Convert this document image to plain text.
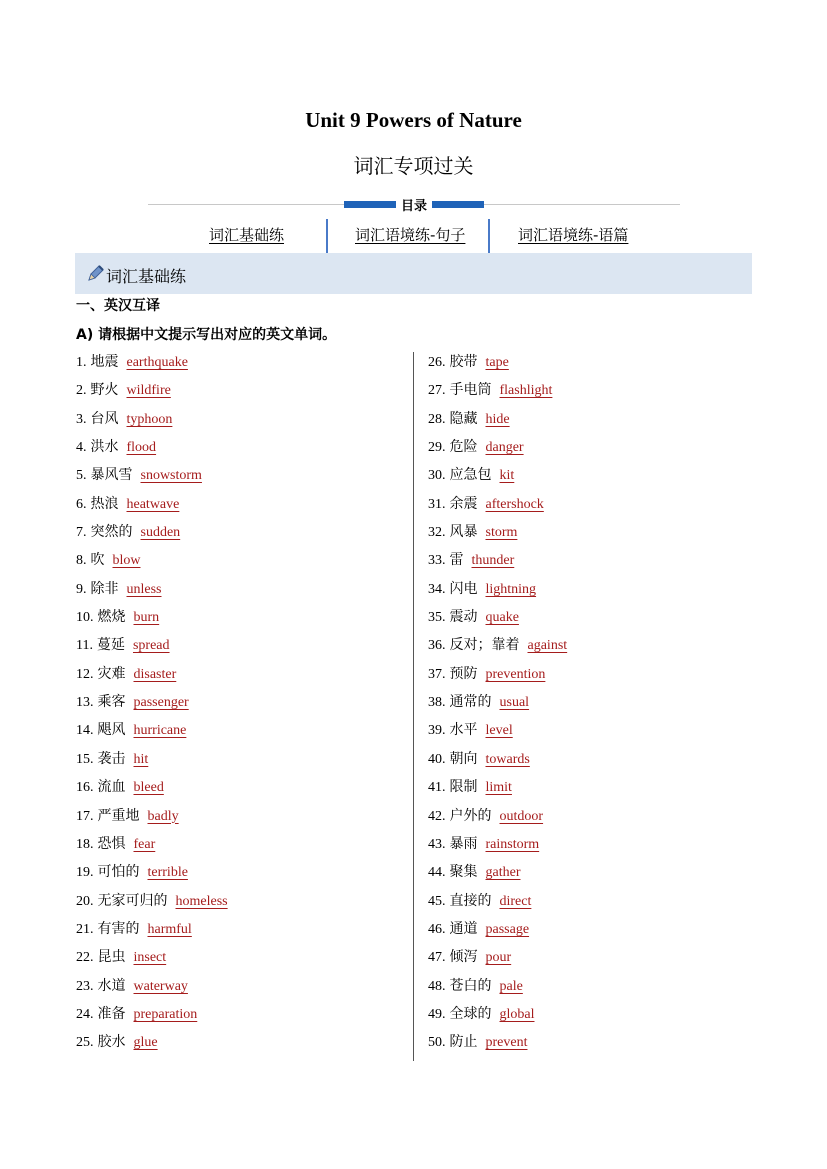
Unit 9 Powers of Nature
词汇专项过关
目录
词汇基础练	词汇语境练-句子	词汇语境练-语篇
词汇基础练
一、英汉互译
A) 请根据中文提示写出对应的英文单词。
1. 地震 earthquake
2. 野火 wildfire
3. 台风 typhoon
4. 洪水 flood
5. 暴风雪 snowstorm
6. 热浪 heatwave
7. 突然的 sudden
8. 吹 blow
9. 除非 unless
10. 燃烧 burn
11. 蔓延 spread
12. 灾难 disaster
13. 乘客 passenger
14. 飓风 hurricane
15. 袭击 hit
16. 流血 bleed
17. 严重地 badly
18. 恐惧 fear
19. 可怕的 terrible
20. 无家可归的 homeless
21. 有害的 harmful
22. 昆虫 insect
23. 水道 waterway
24. 准备 preparation
25. 胶水 glue
26. 胶带 tape
27. 手电筒 flashlight
28. 隐藏 hide
29. 危险 danger
30. 应急包 kit
31. 余震 aftershock
32. 风暴 storm
33. 雷 thunder
34. 闪电 lightning
35. 震动 quake
36. 反对；靠着 against
37. 预防 prevention
38. 通常的 usual
39. 水平 level
40. 朝向 towards
41. 限制 limit
42. 户外的 outdoor
43. 暴雨 rainstorm
44. 聚集 gather
45. 直接的 direct
46. 通道 passage
47. 倾泻 pour
48. 苍白的 pale
49. 全球的 global
50. 防止 prevent
